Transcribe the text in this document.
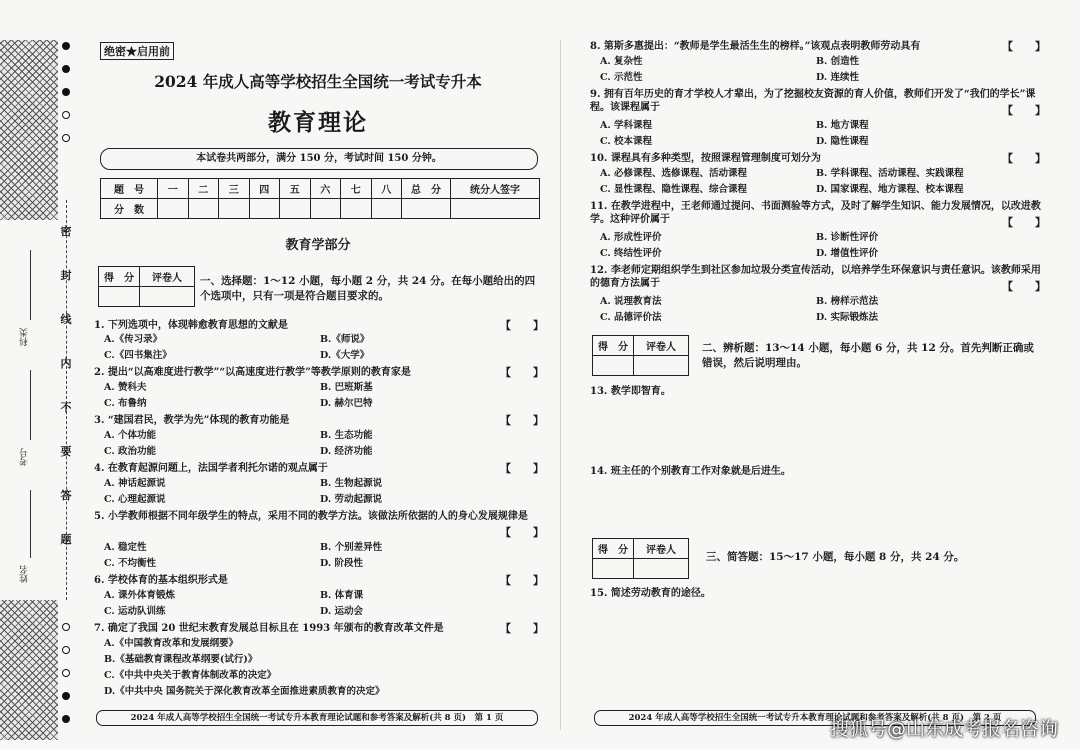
密
封
线
内
不
要
答
题
科类
考号
姓名
绝密★启用前
2024 年成人高等学校招生全国统一考试专升本
教育理论
本试卷共两部分，满分 150 分，考试时间 150 分钟。
题　号	一	二	三	四	五	六	七	八	总　分	统分人签字
分　数										
教育学部分
得　分	评卷人
	一、选择题：1～12 小题，每小题 2 分，共 24 分。在每小题给出的四个选项中，只有一项是符合题目要求的。
1. 下列选项中，体现韩愈教育思想的文献是	【　　】
A.《传习录》	B.《师说》
C.《四书集注》	D.《大学》
2. 提出“以高难度进行教学”“以高速度进行教学”等教学原则的教育家是	【　　】
A. 赞科夫	B. 巴班斯基
C. 布鲁纳	D. 赫尔巴特
3. “建国君民，教学为先”体现的教育功能是	【　　】
A. 个体功能	B. 生态功能
C. 政治功能	D. 经济功能
4. 在教育起源问题上，法国学者利托尔诺的观点属于	【　　】
A. 神话起源说	B. 生物起源说
C. 心理起源说	D. 劳动起源说
5. 小学教师根据不同年级学生的特点，采用不同的教学方法。该做法所依据的人的身心发展规律是
【　　】
A. 稳定性	B. 个别差异性
C. 不均衡性	D. 阶段性
6. 学校体育的基本组织形式是	【　　】
A. 课外体育锻炼	B. 体育课
C. 运动队训练	D. 运动会
7. 确定了我国 20 世纪末教育发展总目标且在 1993 年颁布的教育改革文件是	【　　】
A.《中国教育改革和发展纲要》
B.《基础教育课程改革纲要(试行)》
C.《中共中央关于教育体制改革的决定》
D.《中共中央 国务院关于深化教育改革全面推进素质教育的决定》
2024 年成人高等学校招生全国统一考试专升本教育理论试题和参考答案及解析(共 8 页)　第 1 页
8. 第斯多惠提出：“教师是学生最活生生的榜样。”该观点表明教师劳动具有	【　　】
A. 复杂性	B. 创造性
C. 示范性	D. 连续性
9. 拥有百年历史的育才学校人才辈出，为了挖掘校友资源的育人价值，教师们开发了“我们的学长”课程。该课程属于	【　　】
A. 学科课程	B. 地方课程
C. 校本课程	D. 隐性课程
10. 课程具有多种类型，按照课程管理制度可划分为	【　　】
A. 必修课程、选修课程、活动课程	B. 学科课程、活动课程、实践课程
C. 显性课程、隐性课程、综合课程	D. 国家课程、地方课程、校本课程
11. 在教学进程中，王老师通过提问、书面测验等方式，及时了解学生知识、能力发展情况，以改进教学。这种评价属于	【　　】
A. 形成性评价	B. 诊断性评价
C. 终结性评价	D. 增值性评价
12. 李老师定期组织学生到社区参加垃圾分类宣传活动，以培养学生环保意识与责任意识。该教师采用的德育方法属于	【　　】
A. 说理教育法	B. 榜样示范法
C. 品德评价法	D. 实际锻炼法
得　分	评卷人
	二、辨析题：13～14 小题，每小题 6 分，共 12 分。首先判断正确或错误，然后说明理由。
13. 教学即智育。
14. 班主任的个别教育工作对象就是后进生。
得　分	评卷人

三、简答题：15～17 小题，每小题 8 分，共 24 分。
15. 简述劳动教育的途径。
2024 年成人高等学校招生全国统一考试专升本教育理论试题和参考答案及解析(共 8 页)　第 2 页
搜狐号@山东成考报名咨询
